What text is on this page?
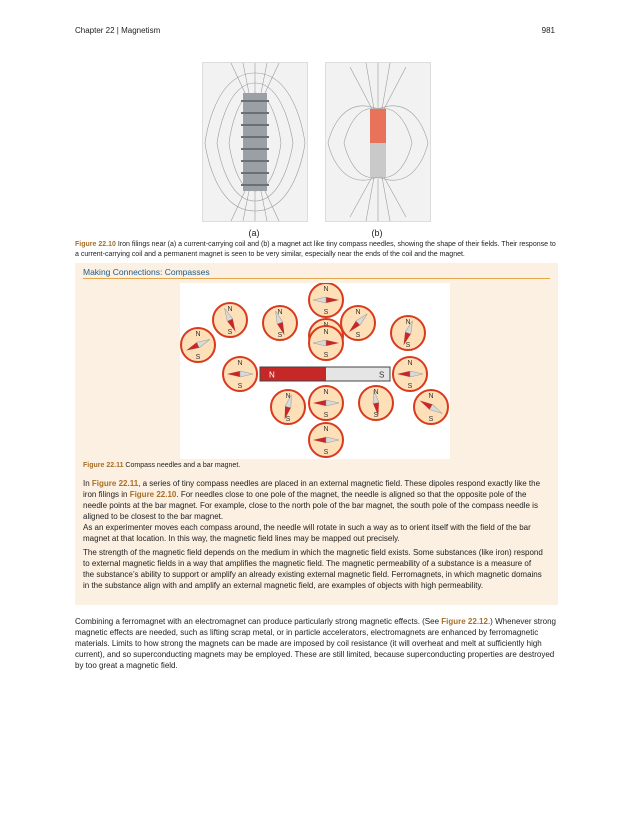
Chapter 22 | Magnetism	981
(a)	(b)
Figure 22.10 Iron filings near (a) a current-carrying coil and (b) a magnet act like tiny compass needles, showing the shape of their fields. Their response to a current-carrying coil and a permanent magnet is seen to be very similar, especially near the ends of the coil and the magnet.
Making Connections: Compasses
N	S
N
S
N
S
N
S
N
S
N
S
N
S
N
S
N
S
N
S
N
S
N
S
N
S
N
S
N
S
Figure 22.11 Compass needles and a bar magnet.
In Figure 22.11, a series of tiny compass needles are placed in an external magnetic field. These dipoles respond exactly like the iron filings in Figure 22.10. For needles close to one pole of the magnet, the needle is aligned so that the opposite pole of the needle points at the bar magnet. For example, close to the north pole of the bar magnet, the south pole of the compass needle is aligned to be closest to the bar magnet.
As an experimenter moves each compass around, the needle will rotate in such a way as to orient itself with the field of the bar magnet at that location. In this way, the magnetic field lines may be mapped out precisely.
The strength of the magnetic field depends on the medium in which the magnetic field exists. Some substances (like iron) respond to external magnetic fields in a way that amplifies the magnetic field. The magnetic permeability of a substance is a measure of the substance’s ability to support or amplify an already existing external magnetic field. Ferromagnets, in which magnetic domains in the substance align with and amplify an external magnetic field, are examples of objects with high permeability.
Combining a ferromagnet with an electromagnet can produce particularly strong magnetic effects. (See Figure 22.12.) Whenever strong magnetic effects are needed, such as lifting scrap metal, or in particle accelerators, electromagnets are enhanced by ferromagnetic materials. Limits to how strong the magnets can be made are imposed by coil resistance (it will overheat and melt at sufficiently high current), and so superconducting magnets may be employed. These are still limited, because superconducting properties are destroyed by too great a magnetic field.
